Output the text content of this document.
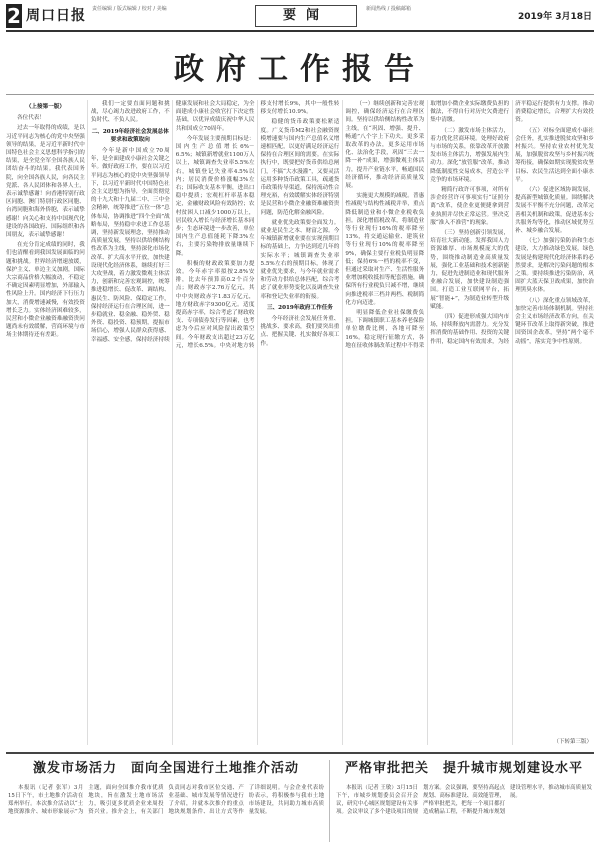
2 周口日报 责任编辑 / 版式编辑 / 校对 / 美编	要闻	新闻热线 / 投稿邮箱
2019年 3月18日
政府工作报告

（上接第一版）

各位代表！

过去一年取得的成绩，是以习近平同志为核心的党中央坚强领导的结果，是习近平新时代中国特色社会主义思想科学指引的结果，是全党全军全国各族人民团结奋斗的结果。我代表国务院，向全国各族人民，向各民主党派、各人民团体和各界人士，表示诚挚感谢！向香港特别行政区同胞、澳门特别行政区同胞、台湾同胞和海外侨胞，表示诚挚感谢！向关心和支持中国现代化建设的各国政府、国际组织和各国朋友，表示诚挚感谢！

在充分肯定成绩的同时，我们也清醒看到我国发展面临的问题和挑战。世界经济增速放缓，保护主义、单边主义加剧，国际大宗商品价格大幅波动，不稳定不确定因素明显增加，外部输入性风险上升。国内经济下行压力加大，消费增速减慢，有效投资增长乏力。实体经济困难较多，民营和小微企业融资难融资贵问题尚未有效缓解，营商环境与市场主体期待还有差距。

我们一定要直面问题和挑战，尽心竭力改进政府工作，不负时代、不负人民。

二、2019年经济社会发展总体要求和政策取向

今年是新中国成立70周年，是全面建成小康社会关键之年。做好政府工作，要在以习近平同志为核心的党中央坚强领导下，以习近平新时代中国特色社会主义思想为指导，全面贯彻党的十九大和十九届二中、三中全会精神，统筹推进“五位一体”总体布局，协调推进“四个全面”战略布局，坚持稳中求进工作总基调，坚持新发展理念，坚持推动高质量发展，坚持以供给侧结构性改革为主线，坚持深化市场化改革、扩大高水平开放，加快建设现代化经济体系，继续打好三大攻坚战，着力激发微观主体活力，创新和完善宏观调控，统筹推进稳增长、促改革、调结构、惠民生、防风险、保稳定工作，保持经济运行在合理区间，进一步稳就业、稳金融、稳外贸、稳外资、稳投资、稳预期，提振市场信心，增强人民群众获得感、幸福感、安全感，保持经济持续健康发展和社会大局稳定，为全面建成小康社会收官打下决定性基础，以优异成绩庆祝中华人民共和国成立70周年。

今年发展主要预期目标是：国内生产总值增长6%－6.5%；城镇新增就业1100万人以上，城镇调查失业率5.5%左右，城镇登记失业率4.5%以内；居民消费价格涨幅3%左右；国际收支基本平衡，进出口稳中提质；宏观杠杆率基本稳定，金融财政风险有效防控；农村贫困人口减少1000万以上，居民收入增长与经济增长基本同步；生态环境进一步改善，单位国内生产总值能耗下降3%左右，主要污染物排放量继续下降。

积极的财政政策要加力提效。今年赤字率拟按2.8%安排，比去年预算高0.2个百分点；财政赤字2.76万亿元，其中中央财政赤字1.83万亿元，地方财政赤字9300亿元。适度提高赤字率，综合考虑了财政收支、专项债券发行等因素，也考虑为今后应对风险留出政策空间。今年财政支出超过23万亿元，增长6.5%。中央对地方转移支付增长9%，其中一般性转移支付增长10.9%。

稳健的货币政策要松紧适度。广义货币M2和社会融资规模增速要与国内生产总值名义增速相匹配，以更好满足经济运行保持在合理区间的需要。在实际执行中，既要把好货币供给总闸门，不搞“大水漫灌”，又要灵活运用多种货币政策工具，疏通货币政策传导渠道，保持流动性合理充裕，有效缓解实体经济特别是民营和小微企业融资难融资贵问题，防范化解金融风险。

就业优先政策要全面发力。就业是民生之本、财富之源。今年城镇新增就业要在实现预期目标的基础上，力争达到近几年的实际水平；城镇调查失业率5.5%左右的预期目标，体现了就业优先要求，与今年就业需求和劳动力供给总体匹配，综合考虑了就业形势变化以及调查失业率和登记失业率的衔接。

三、2019年政府工作任务

今年经济社会发展任务重、挑战多、要求高，我们要突出重点、把握关键、扎实做好各项工作。

（一）继续创新和完善宏观调控，确保经济运行在合理区间。坚持以供给侧结构性改革为主线，在“巩固、增强、提升、畅通”八个字上下功夫。更多采取改革的办法，更多运用市场化、法治化手段，巩固“三去一降一补”成果，增强微观主体活力，提升产业链水平，畅通国民经济循环，推动经济高质量发展。

实施更大规模的减税。普惠性减税与结构性减税并举，重点降低制造业和小微企业税收负担。深化增值税改革，将制造业等行业现行16%的税率降至13%，将交通运输业、建筑业等行业现行10%的税率降至9%，确保主要行业税负明显降低；保持6%一档的税率不变，但通过采取对生产、生活性服务业增加税收抵扣等配套措施，确保所有行业税负只减不增，继续向推进税率三档并两档、税制简化方向迈进。

明显降低企业社保缴费负担。下调城镇职工基本养老保险单位缴费比例，各地可降至16%。稳定现行征缴方式，各地在征收体制改革过程中不得采取增加小微企业实际缴费负担的做法，不得自行对历史欠费进行集中清缴。

（二）激发市场主体活力，着力优化营商环境。处理好政府与市场的关系，依靠改革开放激发市场主体活力，增强发展内生动力。深化“放管服”改革，推动降低制度性交易成本，营造公平竞争的市场环境。

精简行政许可事项，对所有涉企经营许可事项实行“证照分离”改革，使企业更便捷拿到营业执照并尽快正常运营。坚决克服“准入不准营”的现象。

（三）坚持创新引领发展，培育壮大新动能。发挥我国人力资源雄厚、市场规模庞大的优势，围绕推动制造业高质量发展，强化工业基础和技术创新能力，促进先进制造业和现代服务业融合发展，加快建设制造强国。打造工业互联网平台，拓展“智能+”，为制造业转型升级赋能。

（四）促进形成强大国内市场，持续释放内需潜力。充分发挥消费的基础作用、投资的关键作用，稳定国内有效需求，为经济平稳运行提供有力支撑。推动消费稳定增长，合理扩大有效投资。

（五）对标全面建成小康社会任务，扎实推进脱贫攻坚和乡村振兴。坚持农业农村优先发展，加强脱贫攻坚与乡村振兴统筹衔接，确保如期实现脱贫攻坚目标、农民生活达到全面小康水平。

（六）促进区域协调发展，提高新型城镇化质量。围绕解决发展不平衡不充分问题，改革完善相关机制和政策，促进基本公共服务均等化，推动区域优势互补、城乡融合发展。

（七）加强污染防治和生态建设，大力推动绿色发展。绿色发展是构建现代化经济体系的必然要求，是解决污染问题的根本之策。要持续推进污染防治，巩固扩大蓝天保卫战成果，加快治理黑臭水体。

（八）深化重点领域改革，加快完善市场体制机制。坚持社会主义市场经济改革方向，在关键环节改革上取得新突破，推进国资国企改革，坚持“两个毫不动摇”，落实竞争中性原则。

（下转第三版）
激发市场活力　面向全国进行土地推介活动

本报讯（记者 张军）3月15日下午，市土地推介活动在郑州举行。本次推介活动以“土地资源推介、城市形象展示”为主题，面向全国推介我市优质地块，旨在激发土地市场活力，吸引更多优质企业来周投资兴业。推介会上，有关部门负责同志对我市区位交通、产业基础、城市发展等情况进行了介绍，并就本次推介的重点地块规划条件、出让方式等作了详细说明。与会企业代表纷纷表示，将积极参与我市土地市场建设，共同助力城市高质量发展。

严格审批把关　提升城市规划建设水平

本报讯（记者 王敏）3月15日下午，市城乡规划委员会召开会议，研究中心城区规划建设有关事项。会议审议了多个建设项目的规划方案。会议强调，要坚持高起点规划、高标准建设、高效能管理，严格审批把关，把每一个项目都打造成精品工程，不断提升城市规划建设管理水平，推动城市高质量发展。
